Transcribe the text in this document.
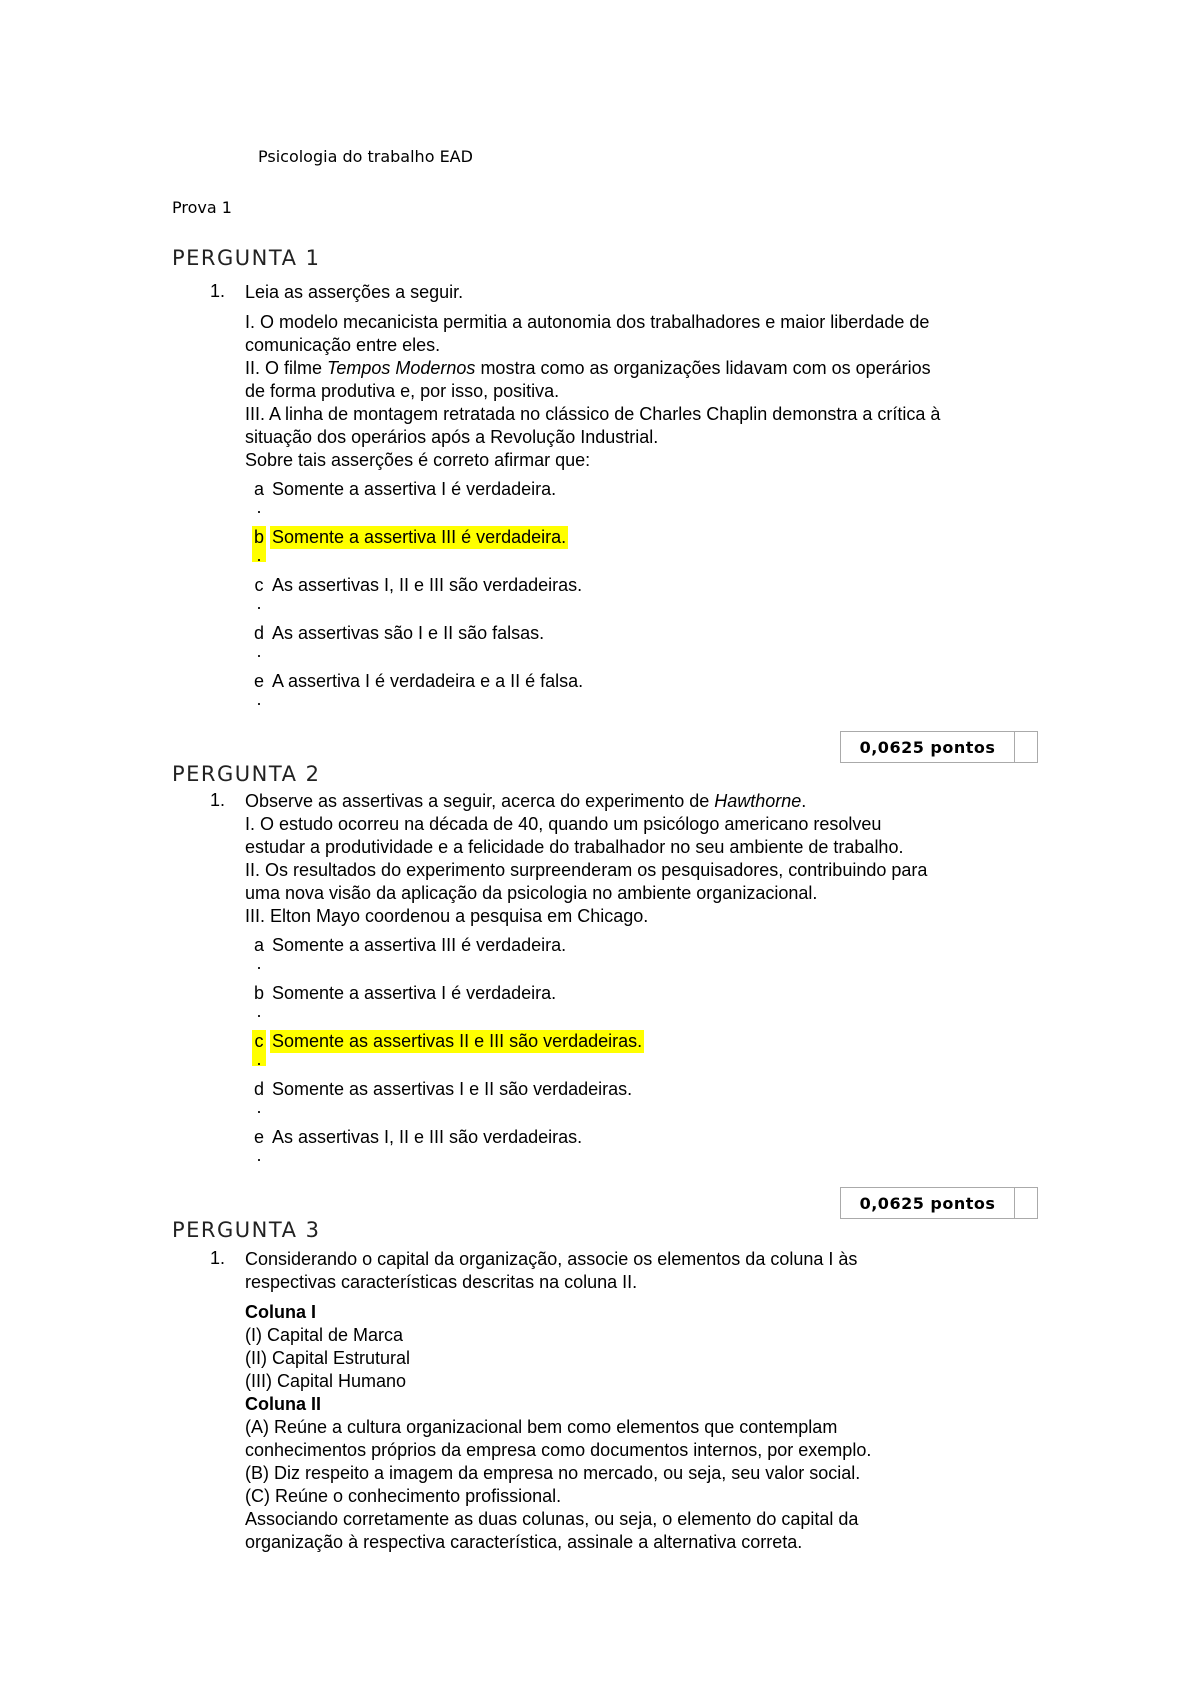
Psicologia do trabalho EAD
Prova 1
PERGUNTA 1
1. Leia as asserções a seguir.

I. O modelo mecanicista permitia a autonomia dos trabalhadores e maior liberdade de

comunicação entre eles.

II. O filme Tempos Modernos mostra como as organizações lidavam com os operários

de forma produtiva e, por isso, positiva.

III. A linha de montagem retratada no clássico de Charles Chaplin demonstra a crítica à

situação dos operários após a Revolução Industrial.

Sobre tais asserções é correto afirmar que:

a
.
Somente a assertiva I é verdadeira.
b
.
Somente a assertiva III é verdadeira.
c
.
As assertivas I, II e III são verdadeiras.
d
.
As assertivas são I e II são falsas.
e
.
A assertiva I é verdadeira e a II é falsa.
0,0625 pontos
PERGUNTA 2
1. Observe as assertivas a seguir, acerca do experimento de Hawthorne.

I. O estudo ocorreu na década de 40, quando um psicólogo americano resolveu

estudar a produtividade e a felicidade do trabalhador no seu ambiente de trabalho.

II. Os resultados do experimento surpreenderam os pesquisadores, contribuindo para

uma nova visão da aplicação da psicologia no ambiente organizacional.

III. Elton Mayo coordenou a pesquisa em Chicago.

a
.
Somente a assertiva III é verdadeira.
b
.
Somente a assertiva I é verdadeira.
c
.
Somente as assertivas II e III são verdadeiras.
d
.
Somente as assertivas I e II são verdadeiras.
e
.
As assertivas I, II e III são verdadeiras.
0,0625 pontos
PERGUNTA 3
1. Considerando o capital da organização, associe os elementos da coluna I às

respectivas características descritas na coluna II.

Coluna I

(I) Capital de Marca

(II) Capital Estrutural

(III) Capital Humano

Coluna II

(A) Reúne a cultura organizacional bem como elementos que contemplam

conhecimentos próprios da empresa como documentos internos, por exemplo.

(B) Diz respeito a imagem da empresa no mercado, ou seja, seu valor social.

(C) Reúne o conhecimento profissional.

Associando corretamente as duas colunas, ou seja, o elemento do capital da

organização à respectiva característica, assinale a alternativa correta.
